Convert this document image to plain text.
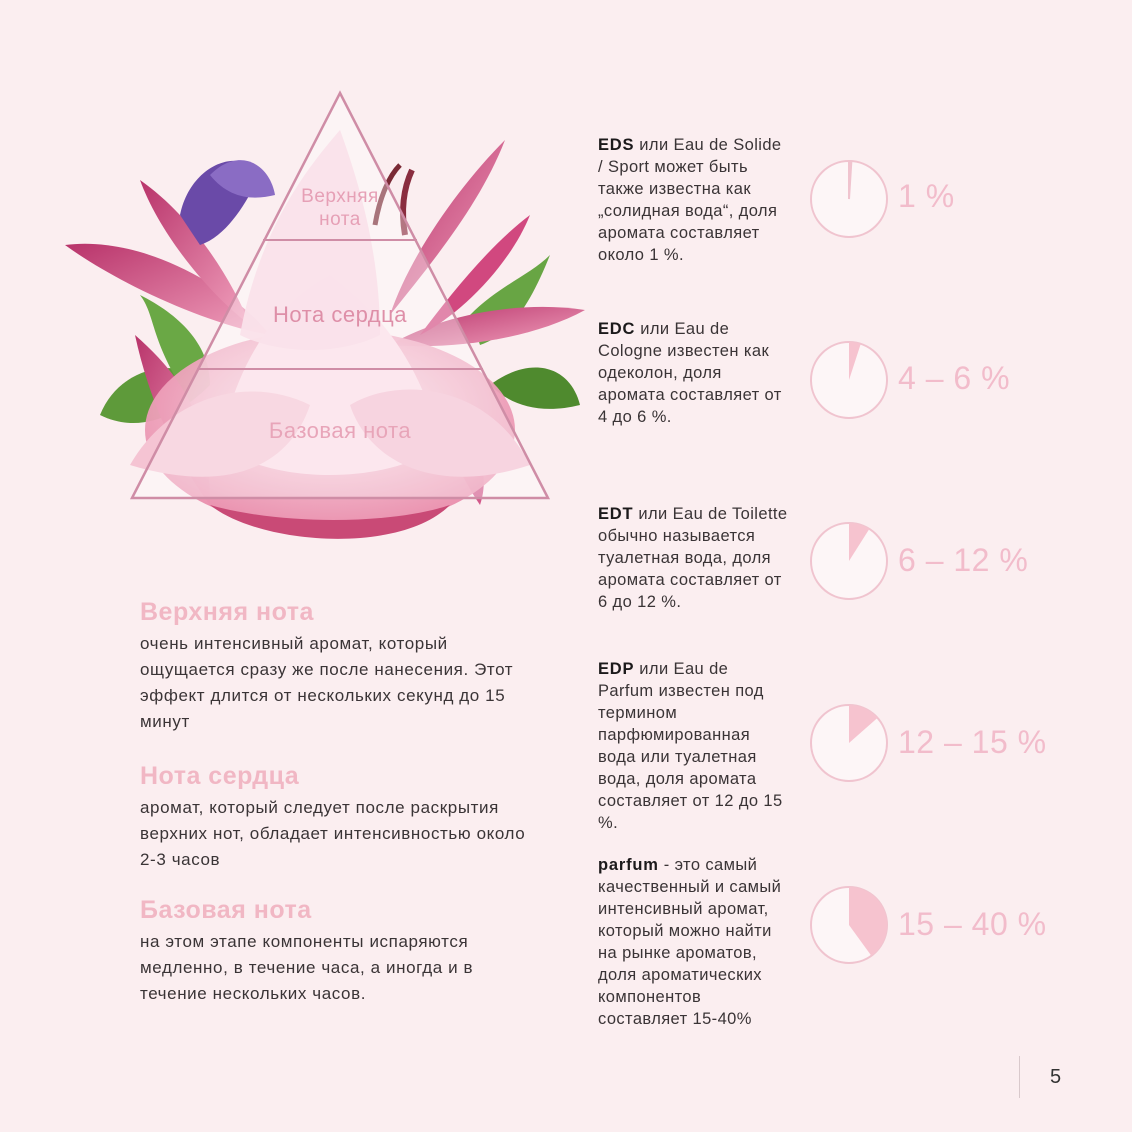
Верхняя
нота
Нота сердца
Базовая нота
Верхняя нота

очень интенсивный аромат, который ощущается сразу же после нанесения. Этот эффект длится от нескольких секунд до 15 минут

Нота сердца

аромат, который следует после раскрытия верхних нот, обладает интенсивностью около 2-3 часов

Базовая нота

на этом этапе компоненты испаряются медленно, в течение часа, а иногда и в течение нескольких часов.

EDS или Eau de Solide / Sport может быть также известна как „солидная вода“, доля аромата составляет около 1 %.
1 %
EDC или Eau de Cologne известен как одеколон, доля аромата составляет от 4 до 6 %.
4 – 6 %
EDT или Eau de Toilette обычно называется туалетная вода, доля аромата составляет от 6 до 12 %.
6 – 12 %
EDP или Eau de Parfum известен под термином парфюмированная вода или туалетная вода, доля аромата составляет от 12 до 15 %.
12 – 15 %
parfum - это самый качественный и самый интенсивный аромат, который можно найти на рынке ароматов, доля ароматических компонентов составляет 15-40%
15 – 40 %
5
